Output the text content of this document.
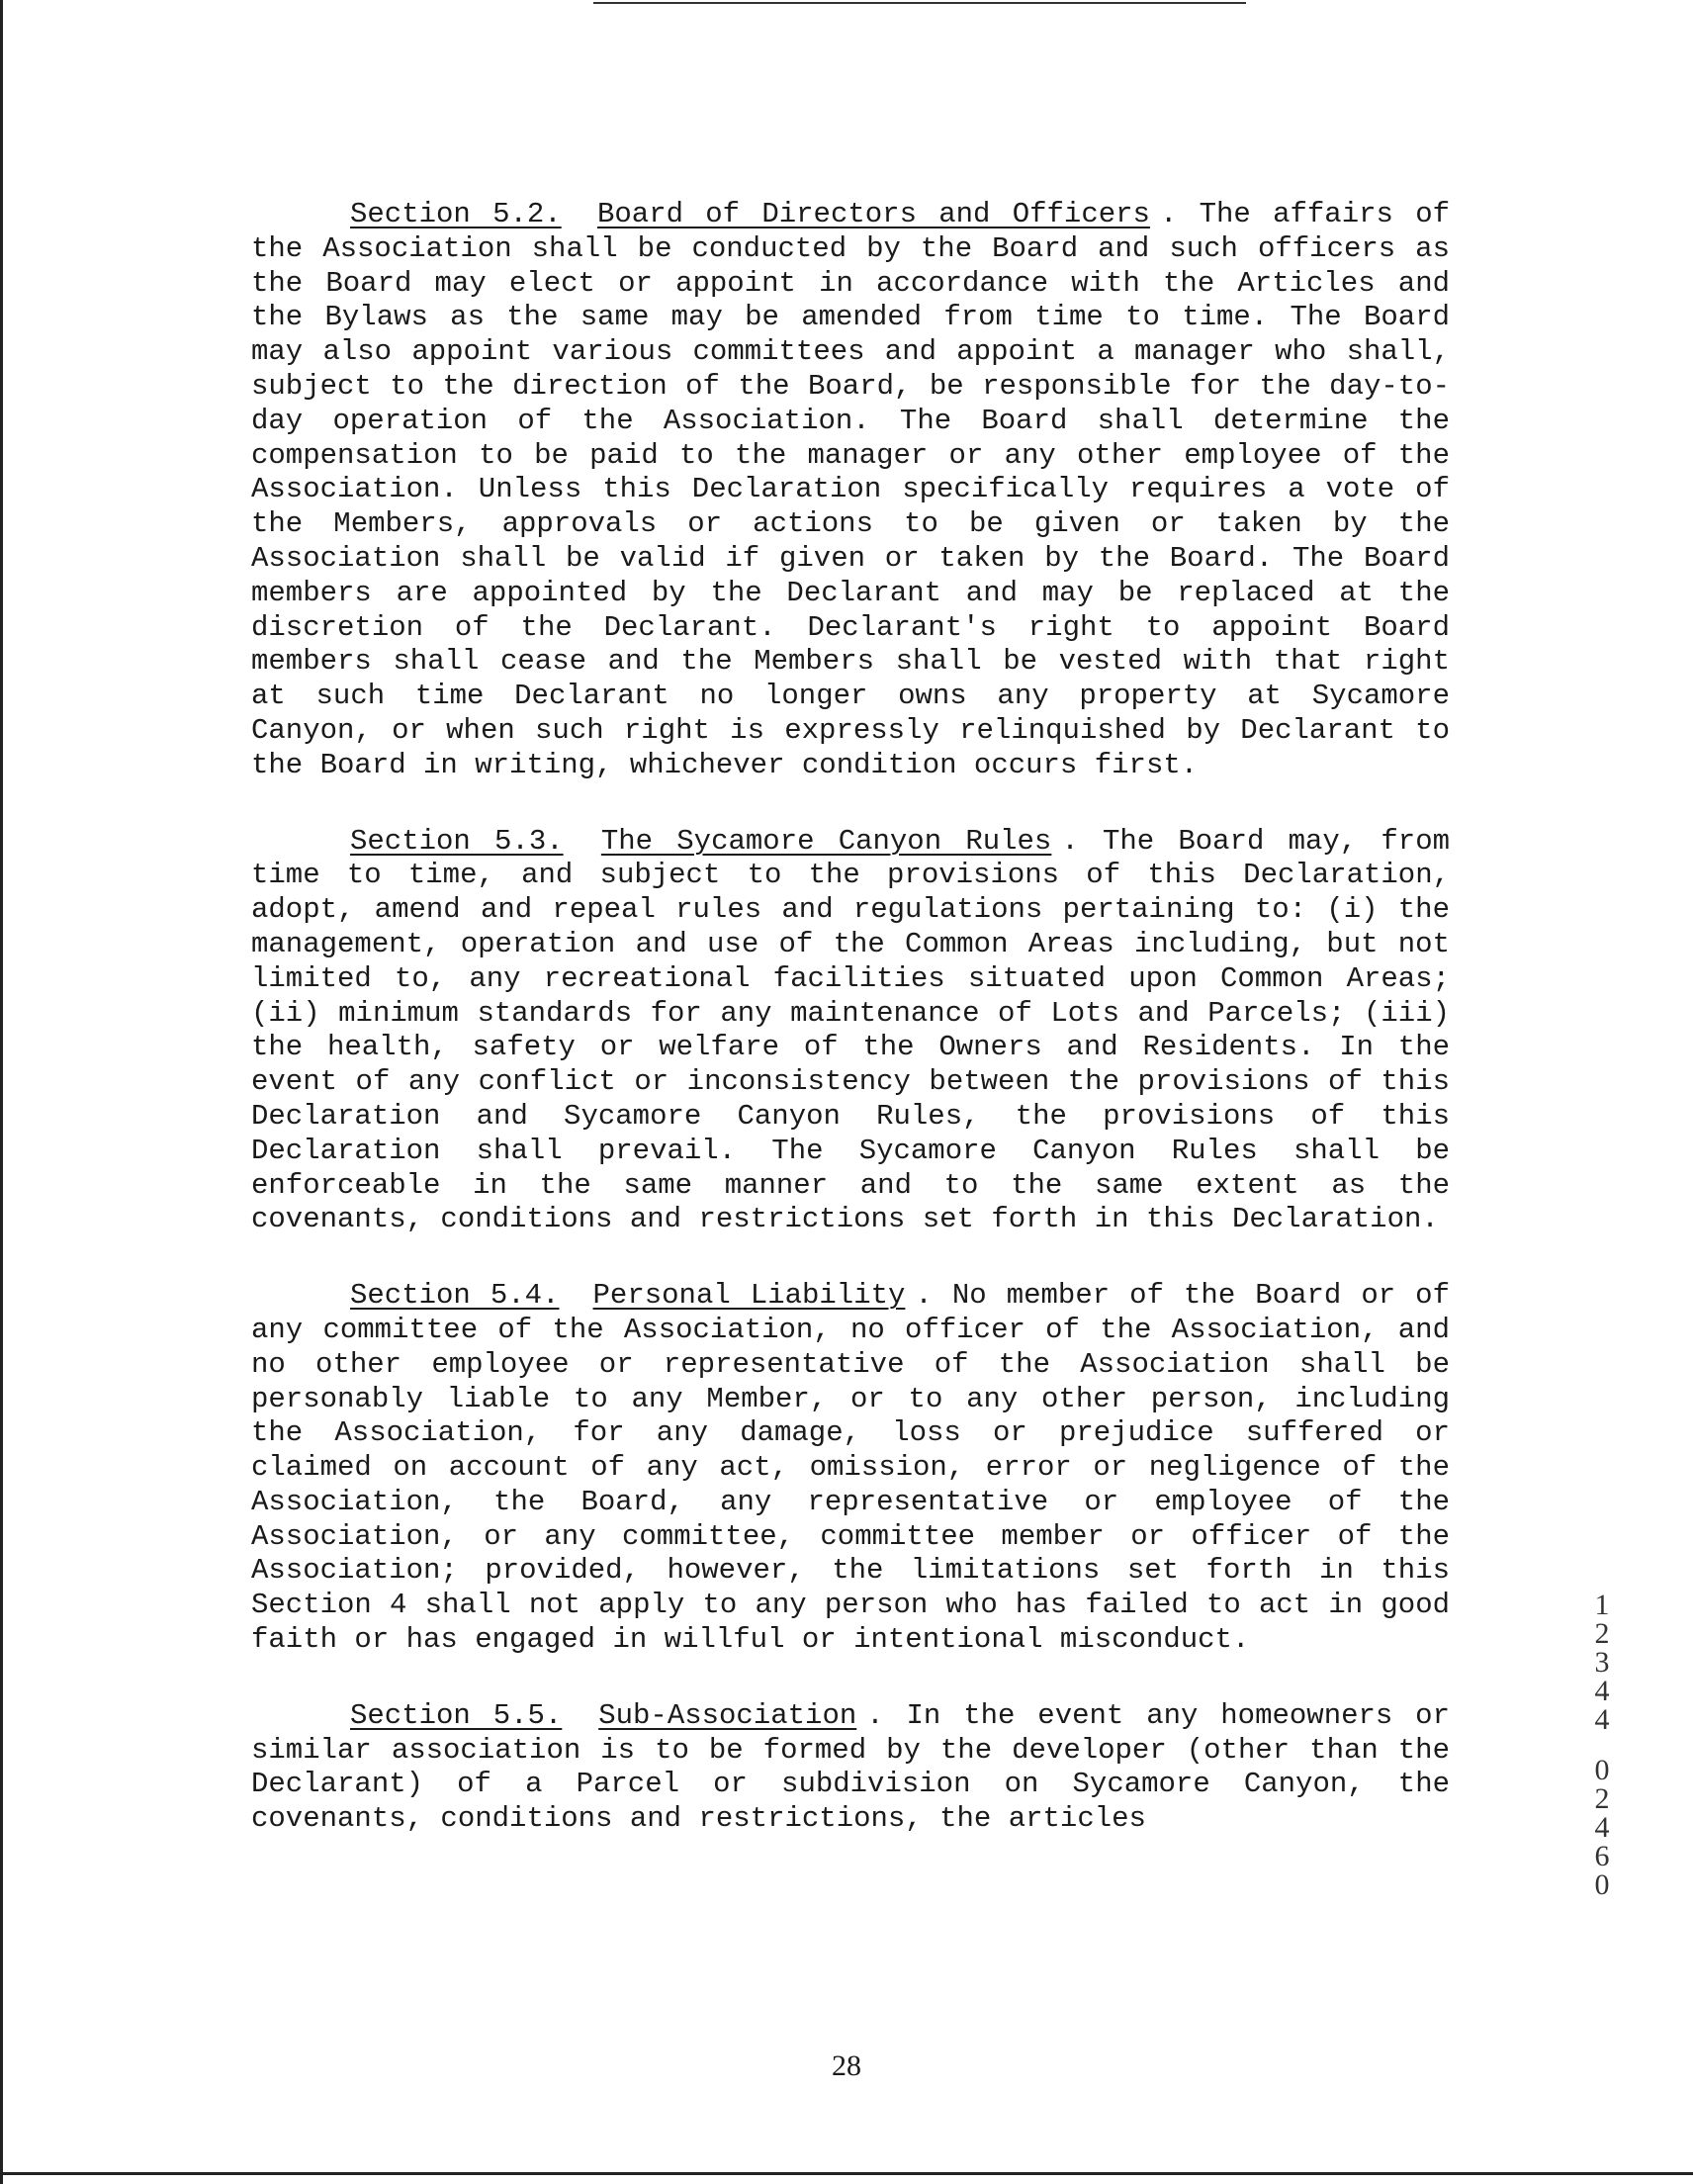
Section 5.2. Board of Directors and Officers . The affairs of the Association shall be conducted by the Board and such officers as the Board may elect or appoint in accordance with the Articles and the Bylaws as the same may be amended from time to time. The Board may also appoint various committees and appoint a manager who shall, subject to the direction of the Board, be responsible for the day-to-day operation of the Association. The Board shall determine the compensation to be paid to the manager or any other employee of the Association. Unless this Declaration specifically requires a vote of the Members, approvals or actions to be given or taken by the Association shall be valid if given or taken by the Board. The Board members are appointed by the Declarant and may be replaced at the discretion of the Declarant. Declarant's right to appoint Board members shall cease and the Members shall be vested with that right at such time Declarant no longer owns any property at Sycamore Canyon, or when such right is expressly relinquished by Declarant to the Board in writing, whichever condition occurs first.

Section 5.3. The Sycamore Canyon Rules . The Board may, from time to time, and subject to the provisions of this Declaration, adopt, amend and repeal rules and regulations pertaining to: (i) the management, operation and use of the Common Areas including, but not limited to, any recreational facilities situated upon Common Areas; (ii) minimum standards for any maintenance of Lots and Parcels; (iii) the health, safety or welfare of the Owners and Residents. In the event of any conflict or inconsistency between the provisions of this Declaration and Sycamore Canyon Rules, the provisions of this Declaration shall prevail. The Sycamore Canyon Rules shall be enforceable in the same manner and to the same extent as the covenants, conditions and restrictions set forth in this Declaration.

Section 5.4. Personal Liability . No member of the Board or of any committee of the Association, no officer of the Association, and no other employee or representative of the Association shall be personably liable to any Member, or to any other person, including the Association, for any damage, loss or prejudice suffered or claimed on account of any act, omission, error or negligence of the Association, the Board, any representative or employee of the Association, or any committee, committee member or officer of the Association; provided, however, the limitations set forth in this Section 4 shall not apply to any person who has failed to act in good faith or has engaged in willful or intentional misconduct.

Section 5.5. Sub-Association . In the event any homeowners or similar association is to be formed by the developer (other than the Declarant) of a Parcel or subdivision on Sycamore Canyon, the covenants, conditions and restrictions, the articles

1
2
3
4
4
0
2
4
6
0
28
